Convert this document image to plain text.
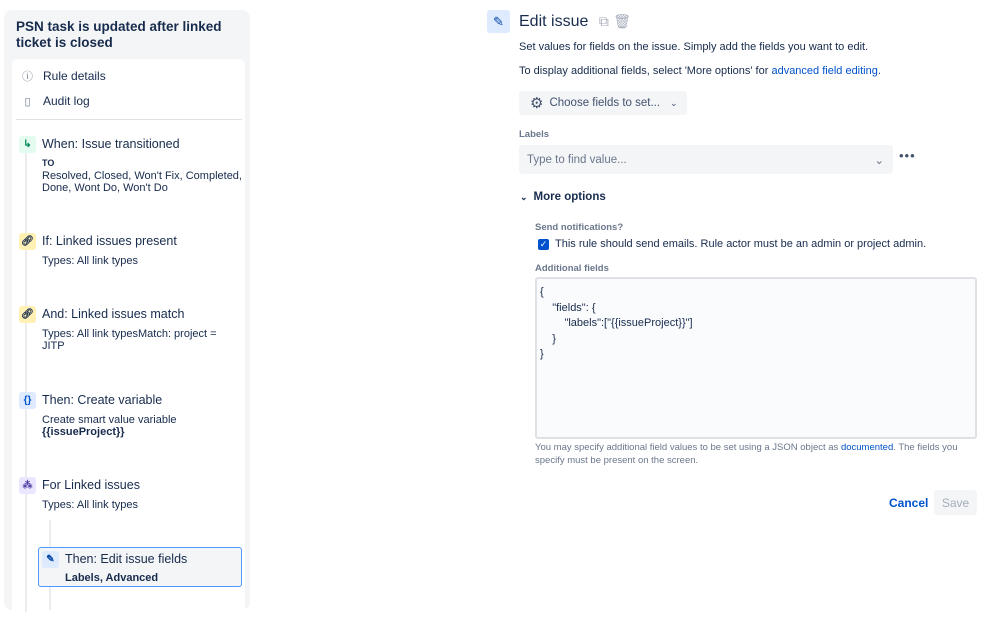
PSN task is updated after linked ticket is closed
ⓘ Rule details
▯ Audit log
↳ When: Issue transitioned
TO
Resolved, Closed, Won't Fix, Completed, Done, Wont Do, Won't Do
🔗︎ If: Linked issues present
Types: All link types
🔗︎ And: Linked issues match
Types: All link typesMatch: project = JITP
{} Then: Create variable
Create smart value variable
{{issueProject}}
⁂ For Linked issues
Types: All link types
✎ Then: Edit issue fields
Labels, Advanced
✎ Edit issue ⧉ 🗑︎
Set values for fields on the issue. Simply add the fields you want to edit.
To display additional fields, select 'More options' for advanced field editing.
⚙ Choose fields to set... ⌄
Labels
Type to find value...	⌄ •••
⌄ More options
Send notifications?
✓ This rule should send emails. Rule actor must be an admin or project admin.
Additional fields
{
"fields": {
"labels":["{{issueProject}}"]
}
}
You may specify additional field values to be set using a JSON object as documented. The fields you specify must be present on the screen.
Cancel	Save
